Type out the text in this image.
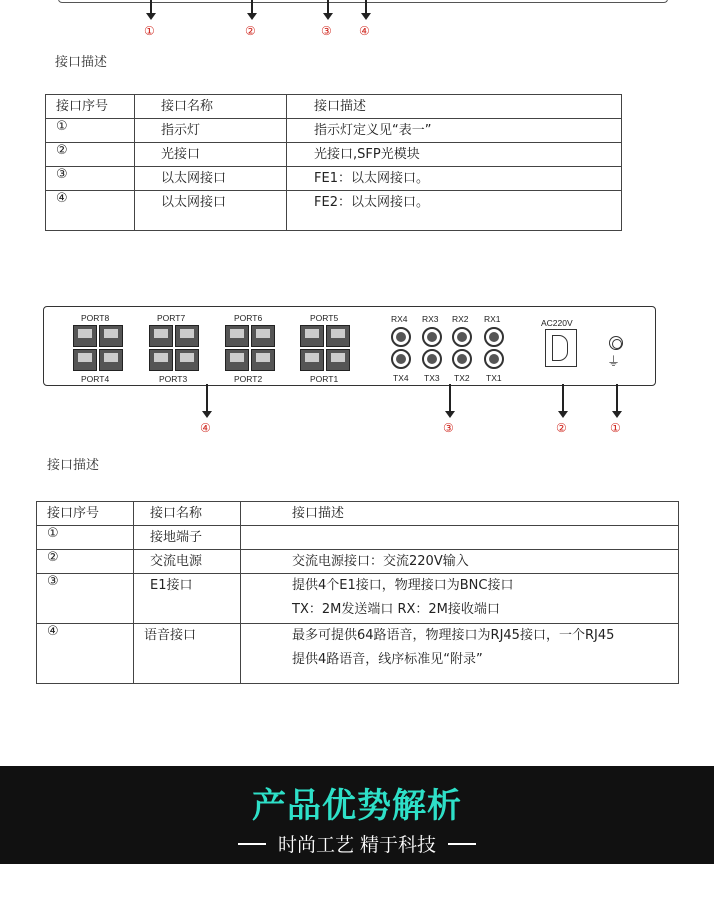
①	②	③ ④
接口描述
接口序号	接口名称	接口描述
①	指示灯	指示灯定义见“表一”
②	光接口	光接口,SFP光模块
③	以太网接口	FE1：以太网接口。
④	以太网接口	FE2：以太网接口。
PORT8	PORT7	PORT6	PORT5
PORT4	PORT3	PORT2	PORT1
RX4 RX3 RX2 RX1
TX4 TX3 TX2 TX1
AC220V
⏚
④	③	②	①
接口描述
接口序号	接口名称	接口描述
①	接地端子	
②	交流电源	交流电源接口：交流220V输入
③	E1接口	提供4个E1接口，物理接口为BNC接口
TX：2M发送端口 RX：2M接收端口

④	语音接口	最多可提供64路语音，物理接口为RJ45接口，一个RJ45
提供4路语音，线序标准见“附录”
产品优势解析
时尚工艺 精于科技
